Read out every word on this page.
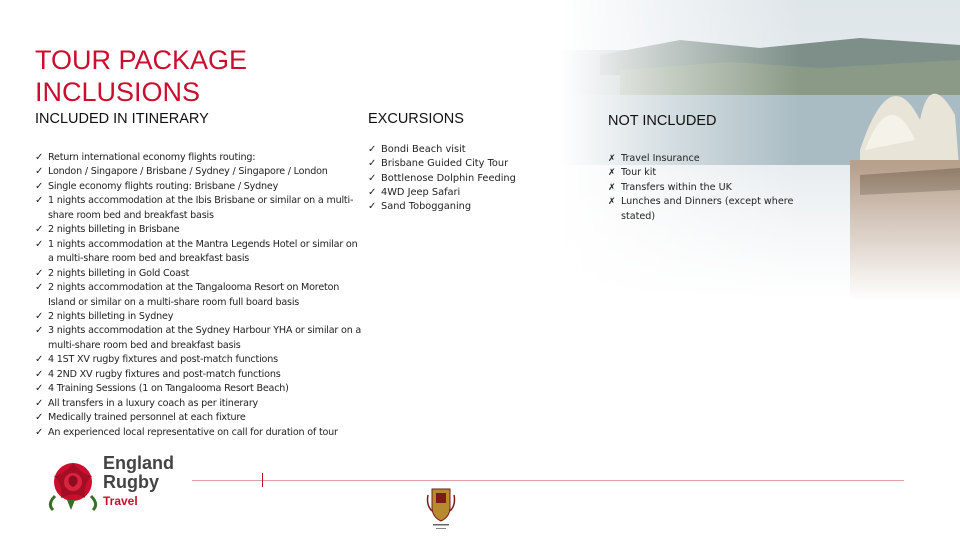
TOUR PACKAGE INCLUSIONS
INCLUDED IN ITINERARY	EXCURSIONS	NOT INCLUDED
✓ Return international economy flights routing:
✓ London / Singapore / Brisbane / Sydney / Singapore / London
✓ Single economy flights routing: Brisbane / Sydney
✓ 1 nights accommodation at the Ibis Brisbane or similar on a multi-share room bed and breakfast basis
✓ 2 nights billeting in Brisbane
✓ 1 nights accommodation at the Mantra Legends Hotel or similar on a multi-share room bed and breakfast basis
✓ 2 nights billeting in Gold Coast
✓ 2 nights accommodation at the Tangalooma Resort on Moreton Island or similar on a multi-share room full board basis
✓ 2 nights billeting in Sydney
✓ 3 nights accommodation at the Sydney Harbour YHA or similar on a multi-share room bed and breakfast basis
✓ 4 1ST XV rugby fixtures and post-match functions
✓ 4 2ND XV rugby fixtures and post-match functions
✓ 4 Training Sessions (1 on Tangalooma Resort Beach)
✓ All transfers in a luxury coach as per itinerary
✓ Medically trained personnel at each fixture
✓ An experienced local representative on call for duration of tour
✓ Bondi Beach visit
✓ Brisbane Guided City Tour
✓ Bottlenose Dolphin Feeding
✓ 4WD Jeep Safari
✓ Sand Tobogganing
✗ Travel Insurance
✗ Tour kit
✗ Transfers within the UK
✗ Lunches and Dinners (except where stated)
England
Rugby
Travel
